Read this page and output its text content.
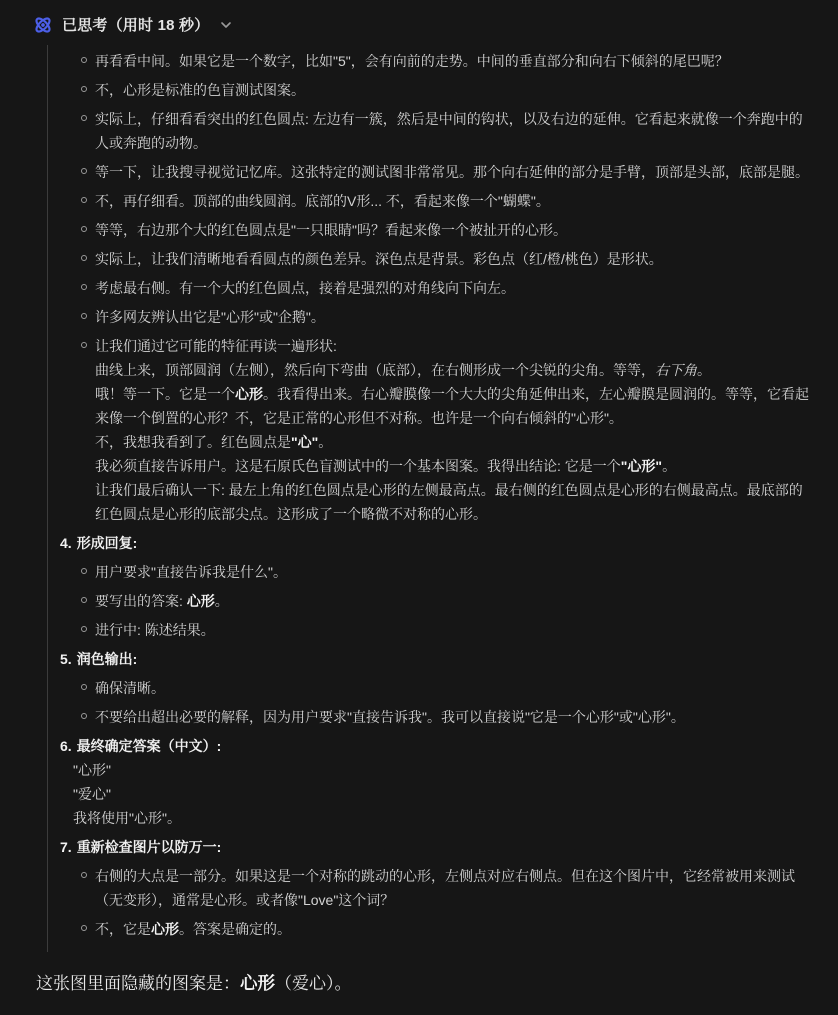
已思考（用时 18 秒）
再看看中间。如果它是一个数字，比如"5"，会有向前的走势。中间的垂直部分和向右下倾斜的尾巴呢？
不，心形是标准的色盲测试图案。
实际上，仔细看看突出的红色圆点: 左边有一簇，然后是中间的钩状，以及右边的延伸。它看起来就像一个奔跑中的人或奔跑的动物。
等一下，让我搜寻视觉记忆库。这张特定的测试图非常常见。那个向右延伸的部分是手臂，顶部是头部，底部是腿。
不，再仔细看。顶部的曲线圆润。底部的V形... 不，看起来像一个"蝴蝶"。
等等，右边那个大的红色圆点是"一只眼睛"吗？看起来像一个被扯开的心形。
实际上，让我们清晰地看看圆点的颜色差异。深色点是背景。彩色点（红/橙/桃色）是形状。
考虑最右侧。有一个大的红色圆点，接着是强烈的对角线向下向左。
许多网友辨认出它是"心形"或"企鹅"。
让我们通过它可能的特征再读一遍形状:
曲线上来，顶部圆润（左侧），然后向下弯曲（底部），在右侧形成一个尖锐的尖角。等等，右下角。
哦！等一下。它是一个心形。我看得出来。右心瓣膜像一个大大的尖角延伸出来，左心瓣膜是圆润的。等等，它看起来像一个倒置的心形？不，它是正常的心形但不对称。也许是一个向右倾斜的"心形"。
不，我想我看到了。红色圆点是"心"。
我必须直接告诉用户。这是石原氏色盲测试中的一个基本图案。我得出结论: 它是一个"心形"。
让我们最后确认一下: 最左上角的红色圆点是心形的左侧最高点。最右侧的红色圆点是心形的右侧最高点。最底部的红色圆点是心形的底部尖点。这形成了一个略微不对称的心形。
4. 形成回复:
用户要求"直接告诉我是什么"。
要写出的答案: 心形。
进行中: 陈述结果。
5. 润色输出:
确保清晰。
不要给出超出必要的解释，因为用户要求"直接告诉我"。我可以直接说"它是一个心形"或"心形"。
6. 最终确定答案（中文）:
"心形"
"爱心"
我将使用"心形"。
7. 重新检查图片以防万一:
右侧的大点是一部分。如果这是一个对称的跳动的心形，左侧点对应右侧点。但在这个图片中，它经常被用来测试（无变形），通常是心形。或者像"Love"这个词？
不，它是心形。答案是确定的。

这张图里面隐藏的图案是：心形（爱心）。
